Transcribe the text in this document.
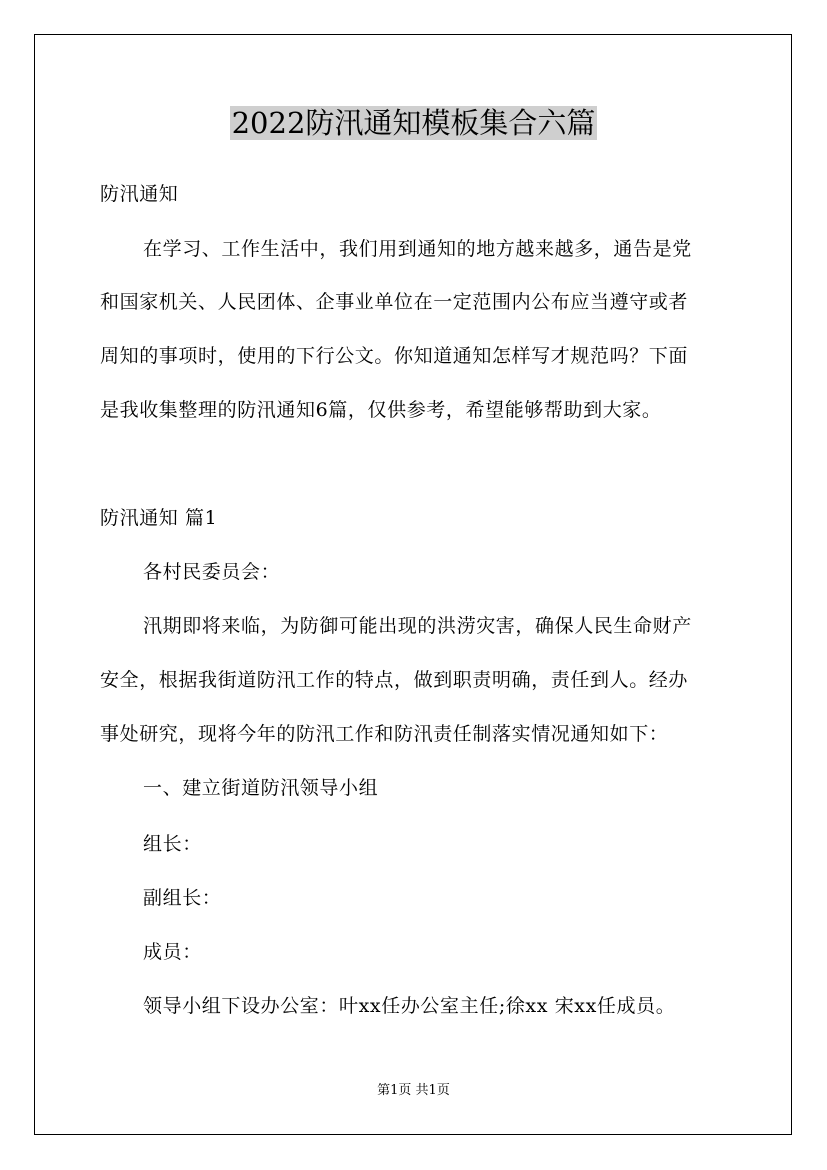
2022防汛通知模板集合六篇
防汛通知
在学习、工作生活中，我们用到通知的地方越来越多，通告是党
和国家机关、人民团体、企事业单位在一定范围内公布应当遵守或者
周知的事项时，使用的下行公文。你知道通知怎样写才规范吗？下面
是我收集整理的防汛通知6篇，仅供参考，希望能够帮助到大家。
防汛通知 篇1
各村民委员会：
汛期即将来临，为防御可能出现的洪涝灾害，确保人民生命财产
安全，根据我街道防汛工作的特点，做到职责明确，责任到人。经办
事处研究，现将今年的防汛工作和防汛责任制落实情况通知如下：
一、建立街道防汛领导小组
组长：
副组长：
成员：
领导小组下设办公室：叶xx任办公室主任;徐xx 宋xx任成员。
第1页 共1页
